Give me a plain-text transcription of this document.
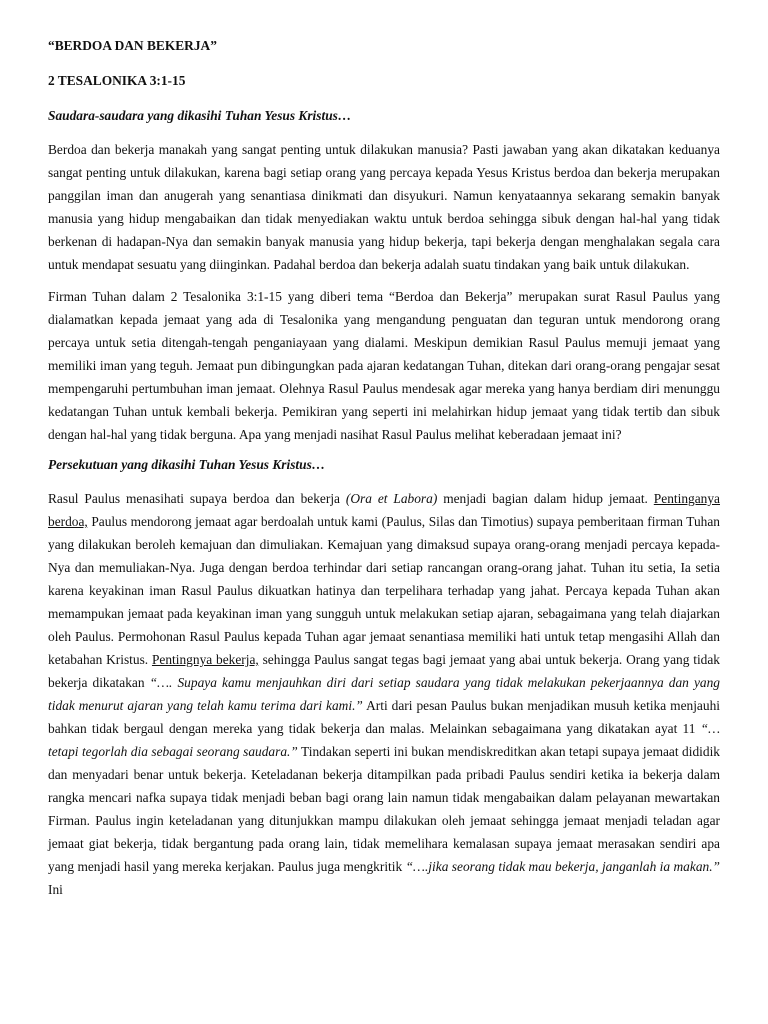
“BERDOA DAN BEKERJA”
2 TESALONIKA 3:1-15
Saudara-saudara yang dikasihi Tuhan Yesus Kristus…

Berdoa dan bekerja manakah yang sangat penting untuk dilakukan manusia? Pasti jawaban yang akan dikatakan keduanya sangat penting untuk dilakukan, karena bagi setiap orang yang percaya kepada Yesus Kristus berdoa dan bekerja merupakan panggilan iman dan anugerah yang senantiasa dinikmati dan disyukuri. Namun kenyataannya sekarang semakin banyak manusia yang hidup mengabaikan dan tidak menyediakan waktu untuk berdoa sehingga sibuk dengan hal-hal yang tidak berkenan di hadapan-Nya dan semakin banyak manusia yang hidup bekerja, tapi bekerja dengan menghalakan segala cara untuk mendapat sesuatu yang diinginkan. Padahal berdoa dan bekerja adalah suatu tindakan yang baik untuk dilakukan.

Firman Tuhan dalam 2 Tesalonika 3:1-15 yang diberi tema “Berdoa dan Bekerja” merupakan surat Rasul Paulus yang dialamatkan kepada jemaat yang ada di Tesalonika yang mengandung penguatan dan teguran untuk mendorong orang percaya untuk setia ditengah-tengah penganiayaan yang dialami. Meskipun demikian Rasul Paulus memuji jemaat yang memiliki iman yang teguh. Jemaat pun dibingungkan pada ajaran kedatangan Tuhan, ditekan dari orang-orang pengajar sesat mempengaruhi pertumbuhan iman jemaat. Olehnya Rasul Paulus mendesak agar mereka yang hanya berdiam diri menunggu kedatangan Tuhan untuk kembali bekerja. Pemikiran yang seperti ini melahirkan hidup jemaat yang tidak tertib dan sibuk dengan hal-hal yang tidak berguna. Apa yang menjadi nasihat Rasul Paulus melihat keberadaan jemaat ini?

Persekutuan yang dikasihi Tuhan Yesus Kristus…

Rasul Paulus menasihati supaya berdoa dan bekerja (Ora et Labora) menjadi bagian dalam hidup jemaat. Pentinganya berdoa, Paulus mendorong jemaat agar berdoalah untuk kami (Paulus, Silas dan Timotius) supaya pemberitaan firman Tuhan yang dilakukan beroleh kemajuan dan dimuliakan. Kemajuan yang dimaksud supaya orang-orang menjadi percaya kepada-Nya dan memuliakan-Nya. Juga dengan berdoa terhindar dari setiap rancangan orang-orang jahat. Tuhan itu setia, Ia setia karena keyakinan iman Rasul Paulus dikuatkan hatinya dan terpelihara terhadap yang jahat. Percaya kepada Tuhan akan memampukan jemaat pada keyakinan iman yang sungguh untuk melakukan setiap ajaran, sebagaimana yang telah diajarkan oleh Paulus. Permohonan Rasul Paulus kepada Tuhan agar jemaat senantiasa memiliki hati untuk tetap mengasihi Allah dan ketabahan Kristus. Pentingnya bekerja, sehingga Paulus sangat tegas bagi jemaat yang abai untuk bekerja. Orang yang tidak bekerja dikatakan “…. Supaya kamu menjauhkan diri dari setiap saudara yang tidak melakukan pekerjaannya dan yang tidak menurut ajaran yang telah kamu terima dari kami.” Arti dari pesan Paulus bukan menjadikan musuh ketika menjauhi bahkan tidak bergaul dengan mereka yang tidak bekerja dan malas. Melainkan sebagaimana yang dikatakan ayat 11 “…tetapi tegorlah dia sebagai seorang saudara.” Tindakan seperti ini bukan mendiskreditkan akan tetapi supaya jemaat dididik dan menyadari benar untuk bekerja. Keteladanan bekerja ditampilkan pada pribadi Paulus sendiri ketika ia bekerja dalam rangka mencari nafka supaya tidak menjadi beban bagi orang lain namun tidak mengabaikan dalam pelayanan mewartakan Firman. Paulus ingin keteladanan yang ditunjukkan mampu dilakukan oleh jemaat sehingga jemaat menjadi teladan agar jemaat giat bekerja, tidak bergantung pada orang lain, tidak memelihara kemalasan supaya jemaat merasakan sendiri apa yang menjadi hasil yang mereka kerjakan. Paulus juga mengkritik “….jika seorang tidak mau bekerja, janganlah ia makan.” Ini
